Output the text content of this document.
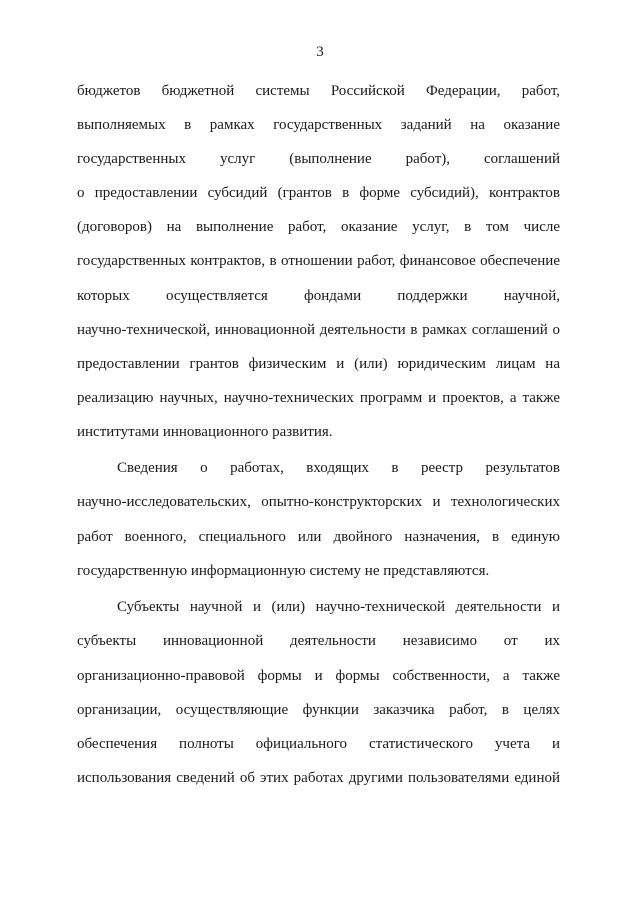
3
бюджетов бюджетной системы Российской Федерации, работ,
выполняемых в рамках государственных заданий на оказание
государственных услуг (выполнение работ), соглашений
о предоставлении субсидий (грантов в форме субсидий), контрактов
(договоров) на выполнение работ, оказание услуг, в том числе
государственных контрактов, в отношении работ, финансовое обеспечение
которых осуществляется фондами поддержки научной,
научно-технической, инновационной деятельности в рамках соглашений о
предоставлении грантов физическим и (или) юридическим лицам на
реализацию научных, научно-технических программ и проектов, а также
институтами инновационного развития.
Сведения о работах, входящих в реестр результатов
научно-исследовательских, опытно-конструкторских и технологических
работ военного, специального или двойного назначения, в единую
государственную информационную систему не представляются.
Субъекты научной и (или) научно-технической деятельности и
субъекты инновационной деятельности независимо от их
организационно-правовой формы и формы собственности, а также
организации, осуществляющие функции заказчика работ, в целях
обеспечения полноты официального статистического учета и
использования сведений об этих работах другими пользователями единой
